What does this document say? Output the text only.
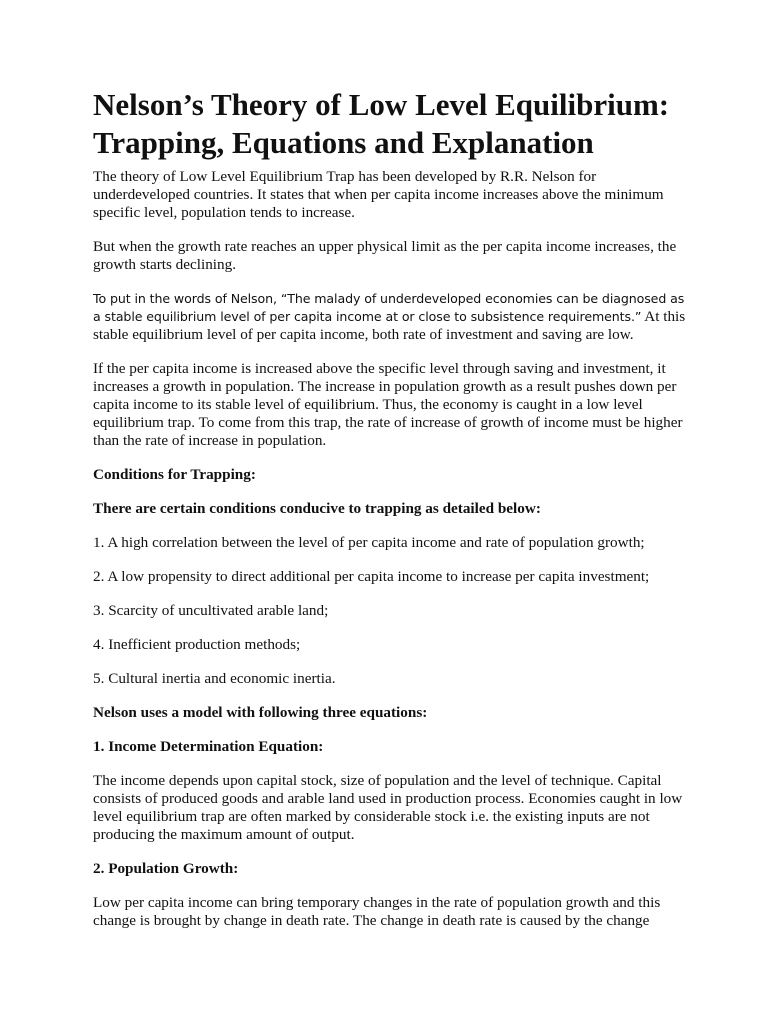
Nelson’s Theory of Low Level Equilibrium: Trapping, Equations and Explanation

The theory of Low Level Equilibrium Trap has been developed by R.R. Nelson for underdeveloped countries. It states that when per capita income increases above the minimum specific level, population tends to increase.

But when the growth rate reaches an upper physical limit as the per capita income increases, the growth starts declining.

To put in the words of Nelson, “The malady of underdeveloped economies can be diagnosed as a stable equilibrium level of per capita income at or close to subsistence requirements.” At this stable equilibrium level of per capita income, both rate of investment and saving are low.

If the per capita income is increased above the specific level through saving and investment, it increases a growth in population. The increase in population growth as a result pushes down per capita income to its stable level of equilibrium. Thus, the economy is caught in a low level equilibrium trap. To come from this trap, the rate of increase of growth of income must be higher than the rate of increase in population.

Conditions for Trapping:

There are certain conditions conducive to trapping as detailed below:

1. A high correlation between the level of per capita income and rate of population growth;

2. A low propensity to direct additional per capita income to increase per capita investment;

3. Scarcity of uncultivated arable land;

4. Inefficient production methods;

5. Cultural inertia and economic inertia.

Nelson uses a model with following three equations:

1. Income Determination Equation:

The income depends upon capital stock, size of population and the level of technique. Capital consists of produced goods and arable land used in production process. Economies caught in low level equilibrium trap are often marked by considerable stock i.e. the existing inputs are not producing the maximum amount of output.

2. Population Growth:

Low per capita income can bring temporary changes in the rate of population growth and this change is brought by change in death rate. The change in death rate is caused by the change
